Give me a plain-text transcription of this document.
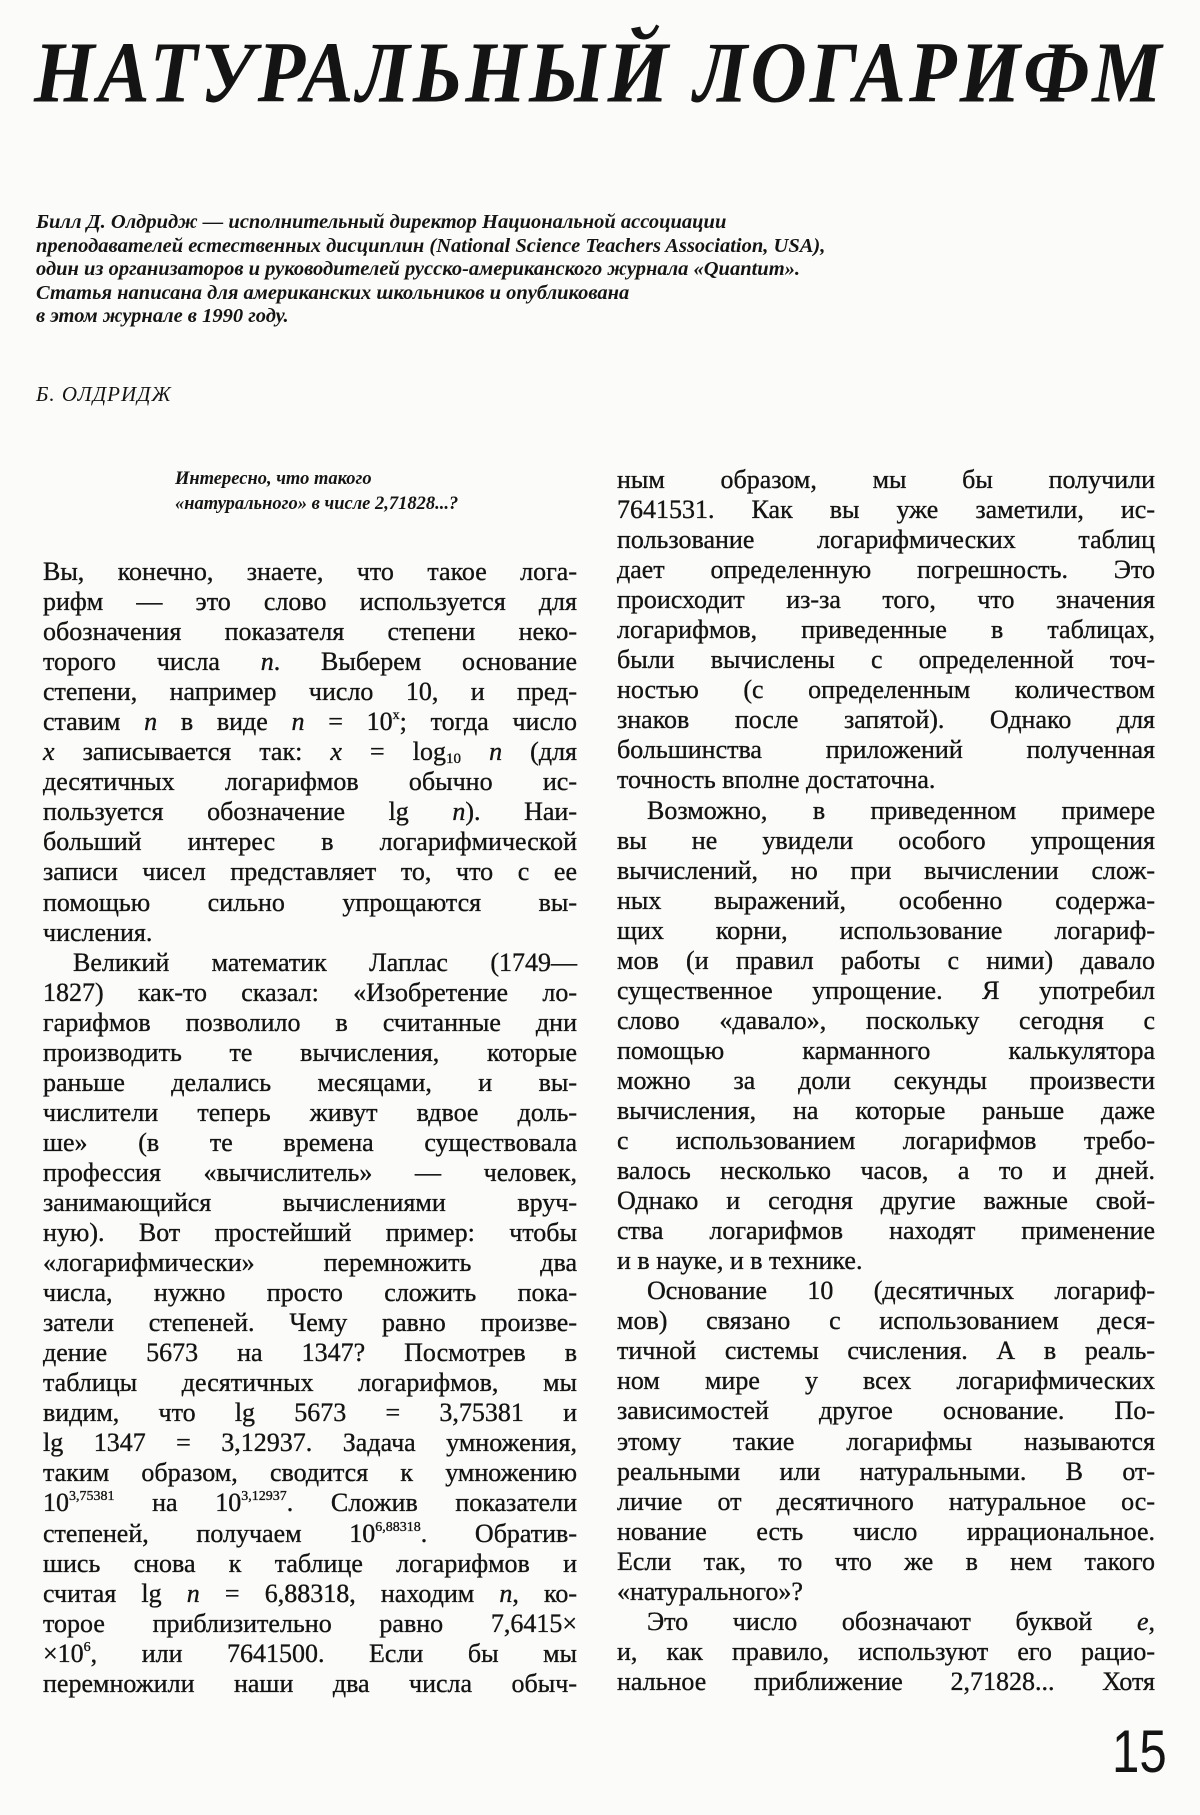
НАТУРАЛЬНЫЙ ЛОГАРИФМ
Билл Д. Олдридж — исполнительный директор Национальной ассоциации
преподавателей естественных дисциплин (National Science Teachers Association, USA),
один из организаторов и руководителей русско-американского журнала «Quantum».
Статья написана для американских школьников и опубликована
в этом журнале в 1990 году.
Б. ОЛДРИДЖ
Интересно, что такого
«натурального» в числе 2,71828...?
Вы, конечно, знаете, что такое лога-
рифм — это слово используется для
обозначения показателя степени неко-
торого числа n. Выберем основание
степени, например число 10, и пред-
ставим n в виде $n = 10^x$; тогда число
x записывается так: $x = \log_{10} n$ (для
десятичных логарифмов обычно ис-
пользуется обозначение lg n). Наи-
больший интерес в логарифмической
записи чисел представляет то, что с ее
помощью сильно упрощаются вы-
числения.
Великий математик Лаплас (1749—
1827) как-то сказал: «Изобретение ло-
гарифмов позволило в считанные дни
производить те вычисления, которые
раньше делались месяцами, и вы-
числители теперь живут вдвое доль-
ше» (в те времена существовала
профессия «вычислитель» — человек,
занимающийся вычислениями вруч-
ную). Вот простейший пример: чтобы
«логарифмически» перемножить два
числа, нужно просто сложить пока-
затели степеней. Чему равно произве-
дение 5673 на 1347? Посмотрев в
таблицы десятичных логарифмов, мы
видим, что lg 5673 = 3,75381 и
lg 1347 = 3,12937. Задача умножения,
таким образом, сводится к умножению
$10^{3,75381}$ на $10^{3,12937}$. Сложив показатели
степеней, получаем $10^{6,88318}$. Обратив-
шись снова к таблице логарифмов и
считая lg n = 6,88318, находим n, ко-
торое приблизительно равно 7,6415×
$\times 10^6$, или 7641500. Если бы мы
перемножили наши два числа обыч-
ным образом, мы бы получили
7641531. Как вы уже заметили, ис-
пользование логарифмических таблиц
дает определенную погрешность. Это
происходит из-за того, что значения
логарифмов, приведенные в таблицах,
были вычислены с определенной точ-
ностью (с определенным количеством
знаков после запятой). Однако для
большинства приложений полученная
точность вполне достаточна.
Возможно, в приведенном примере
вы не увидели особого упрощения
вычислений, но при вычислении слож-
ных выражений, особенно содержа-
щих корни, использование логариф-
мов (и правил работы с ними) давало
существенное упрощение. Я употребил
слово «давало», поскольку сегодня с
помощью карманного калькулятора
можно за доли секунды произвести
вычисления, на которые раньше даже
с использованием логарифмов требо-
валось несколько часов, а то и дней.
Однако и сегодня другие важные свой-
ства логарифмов находят применение
и в науке, и в технике.
Основание 10 (десятичных логариф-
мов) связано с использованием деся-
тичной системы счисления. А в реаль-
ном мире у всех логарифмических
зависимостей другое основание. По-
этому такие логарифмы называются
реальными или натуральными. В от-
личие от десятичного натуральное ос-
нование есть число иррациональное.
Если так, то что же в нем такого
«натурального»?
Это число обозначают буквой e,
и, как правило, используют его рацио-
нальное приближение 2,71828... Хотя
15
